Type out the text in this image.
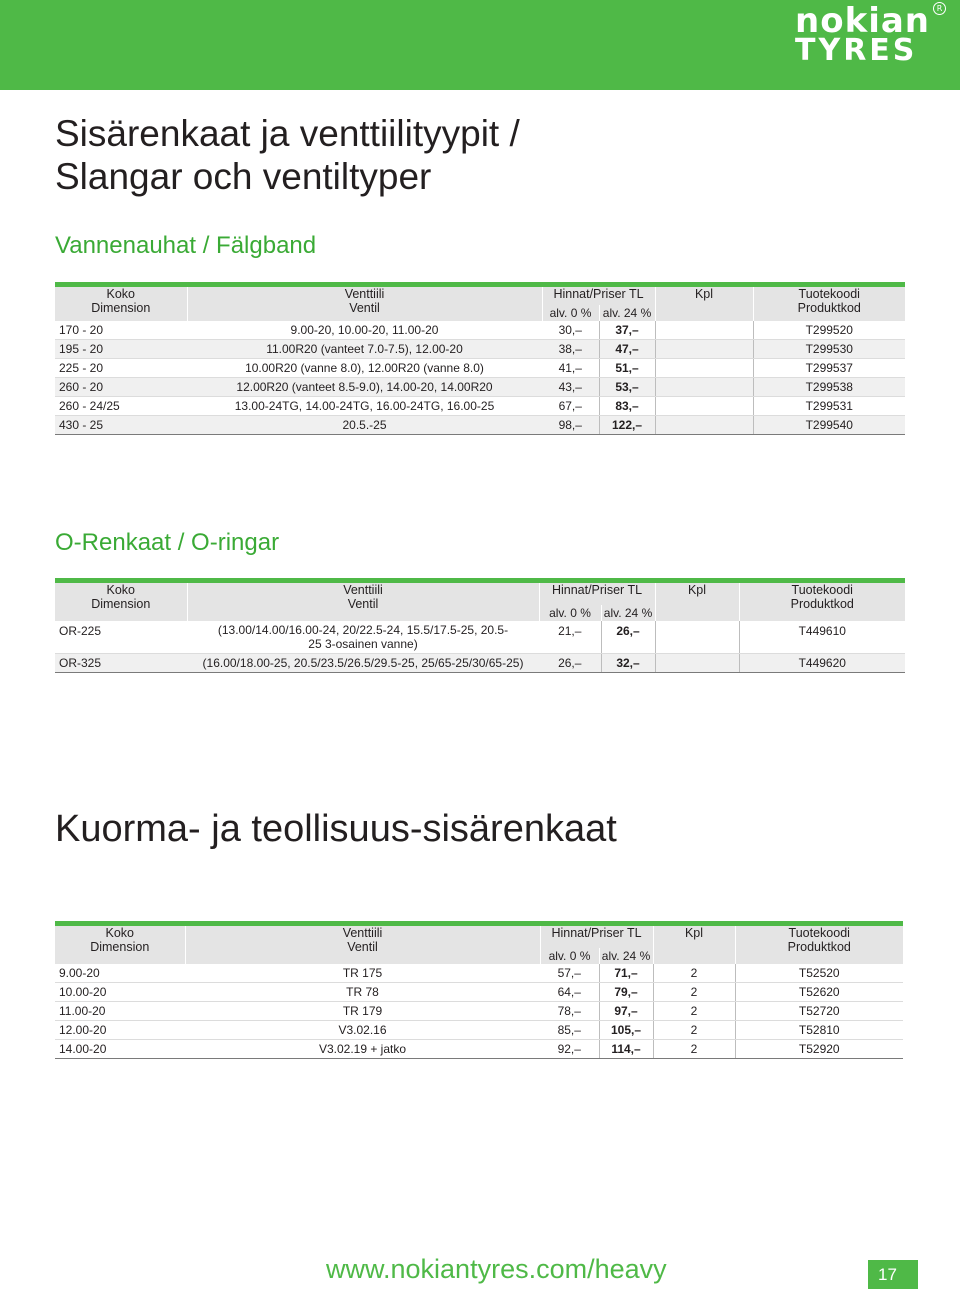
nokian
TYRES
R
Sisärenkaat ja venttiilityypit /
Slangar och ventiltyper
Vannenauhat / Fälgband

Koko
Dimension	Venttiili
Ventil	Hinnat/Priser TL		Kpl	Tuotekoodi
Produktkod
		alv. 0 %	alv. 24 %		
170 - 20	9.00-20, 10.00-20, 11.00-20	30,–	37,–		T299520
195 - 20	11.00R20 (vanteet 7.0-7.5), 12.00-20	38,–	47,–		T299530
225 - 20	10.00R20 (vanne 8.0), 12.00R20 (vanne 8.0)	41,–	51,–		T299537
260 - 20	12.00R20 (vanteet 8.5-9.0), 14.00-20, 14.00R20	43,–	53,–		T299538
260 - 24/25	13.00-24TG, 14.00-24TG, 16.00-24TG, 16.00-25	67,–	83,–		T299531
430 - 25	20.5.-25	98,–	122,–		T299540
O-Renkaat / O-ringar

Koko
Dimension	Venttiili
Ventil	Hinnat/Priser TL		Kpl	Tuotekoodi
Produktkod
		alv. 0 %	alv. 24 %		
OR-225	(13.00/14.00/16.00-24, 20/22.5-24, 15.5/17.5-25, 20.5-25 3-osainen vanne)	21,–	26,–		T449610
OR-325	(16.00/18.00-25, 20.5/23.5/26.5/29.5-25, 25/65-25/30/65-25)	26,–	32,–		T449620
Kuorma- ja teollisuus-sisärenkaat

Koko
Dimension	Venttiili
Ventil	Hinnat/Priser TL		Kpl	Tuotekoodi
Produktkod
		alv. 0 %	alv. 24 %		
9.00-20	TR 175	57,–	71,–	2	T52520
10.00-20	TR 78	64,–	79,–	2	T52620
11.00-20	TR 179	78,–	97,–	2	T52720
12.00-20	V3.02.16	85,–	105,–	2	T52810
14.00-20	V3.02.19 + jatko	92,–	114,–	2	T52920
www.nokiantyres.com/heavy	17
